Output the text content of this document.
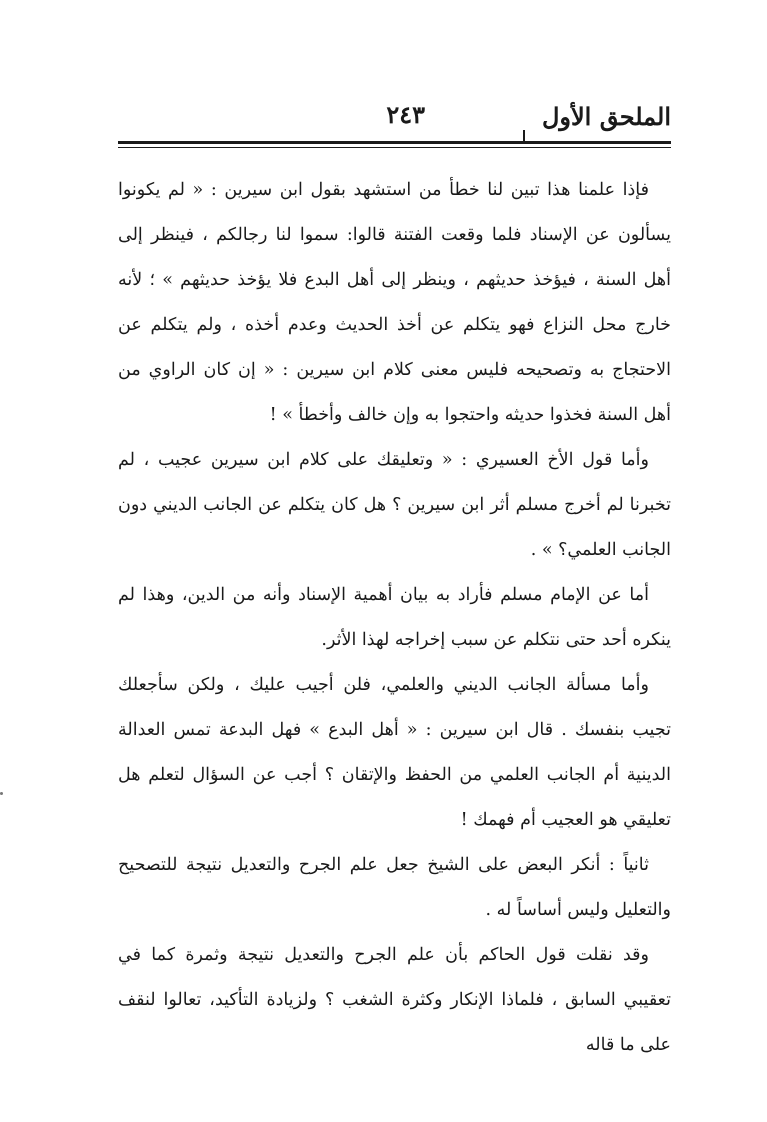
الملحق الأول
٢٤٣

فإذا علمنا هذا تبين لنا خطأ من استشهد بقول ابن سيرين : « لم يكونوا يسألون عن الإسناد فلما وقعت الفتنة قالوا: سموا لنا رجالكم ، فينظر إلى أهل السنة ، فيؤخذ حديثهم ، وينظر إلى أهل البدع فلا يؤخذ حديثهم » ؛ لأنه خارج محل النزاع فهو يتكلم عن أخذ الحديث وعدم أخذه ، ولم يتكلم عن الاحتجاج به وتصحيحه فليس معنى كلام ابن سيرين : « إن كان الراوي من أهل السنة فخذوا حديثه واحتجوا به وإن خالف وأخطأ » !

وأما قول الأخ العسيري : « وتعليقك على كلام ابن سيرين عجيب ، لم تخبرنا لم أخرج مسلم أثر ابن سيرين ؟ هل كان يتكلم عن الجانب الديني دون الجانب العلمي؟ » .

أما عن الإمام مسلم فأراد به بيان أهمية الإسناد وأنه من الدين، وهذا لم ينكره أحد حتى نتكلم عن سبب إخراجه لهذا الأثر.

وأما مسألة الجانب الديني والعلمي، فلن أجيب عليك ، ولكن سأجعلك تجيب بنفسك . قال ابن سيرين : « أهل البدع » فهل البدعة تمس العدالة الدينية أم الجانب العلمي من الحفظ والإتقان ؟ أجب عن السؤال لتعلم هل تعليقي هو العجيب أم فهمك !

ثانياً : أنكر البعض على الشيخ جعل علم الجرح والتعديل نتيجة للتصحيح والتعليل وليس أساساً له .

وقد نقلت قول الحاكم بأن علم الجرح والتعديل نتيجة وثمرة كما في تعقيبي السابق ، فلماذا الإنكار وكثرة الشغب ؟ ولزيادة التأكيد، تعالوا لنقف على ما قاله
